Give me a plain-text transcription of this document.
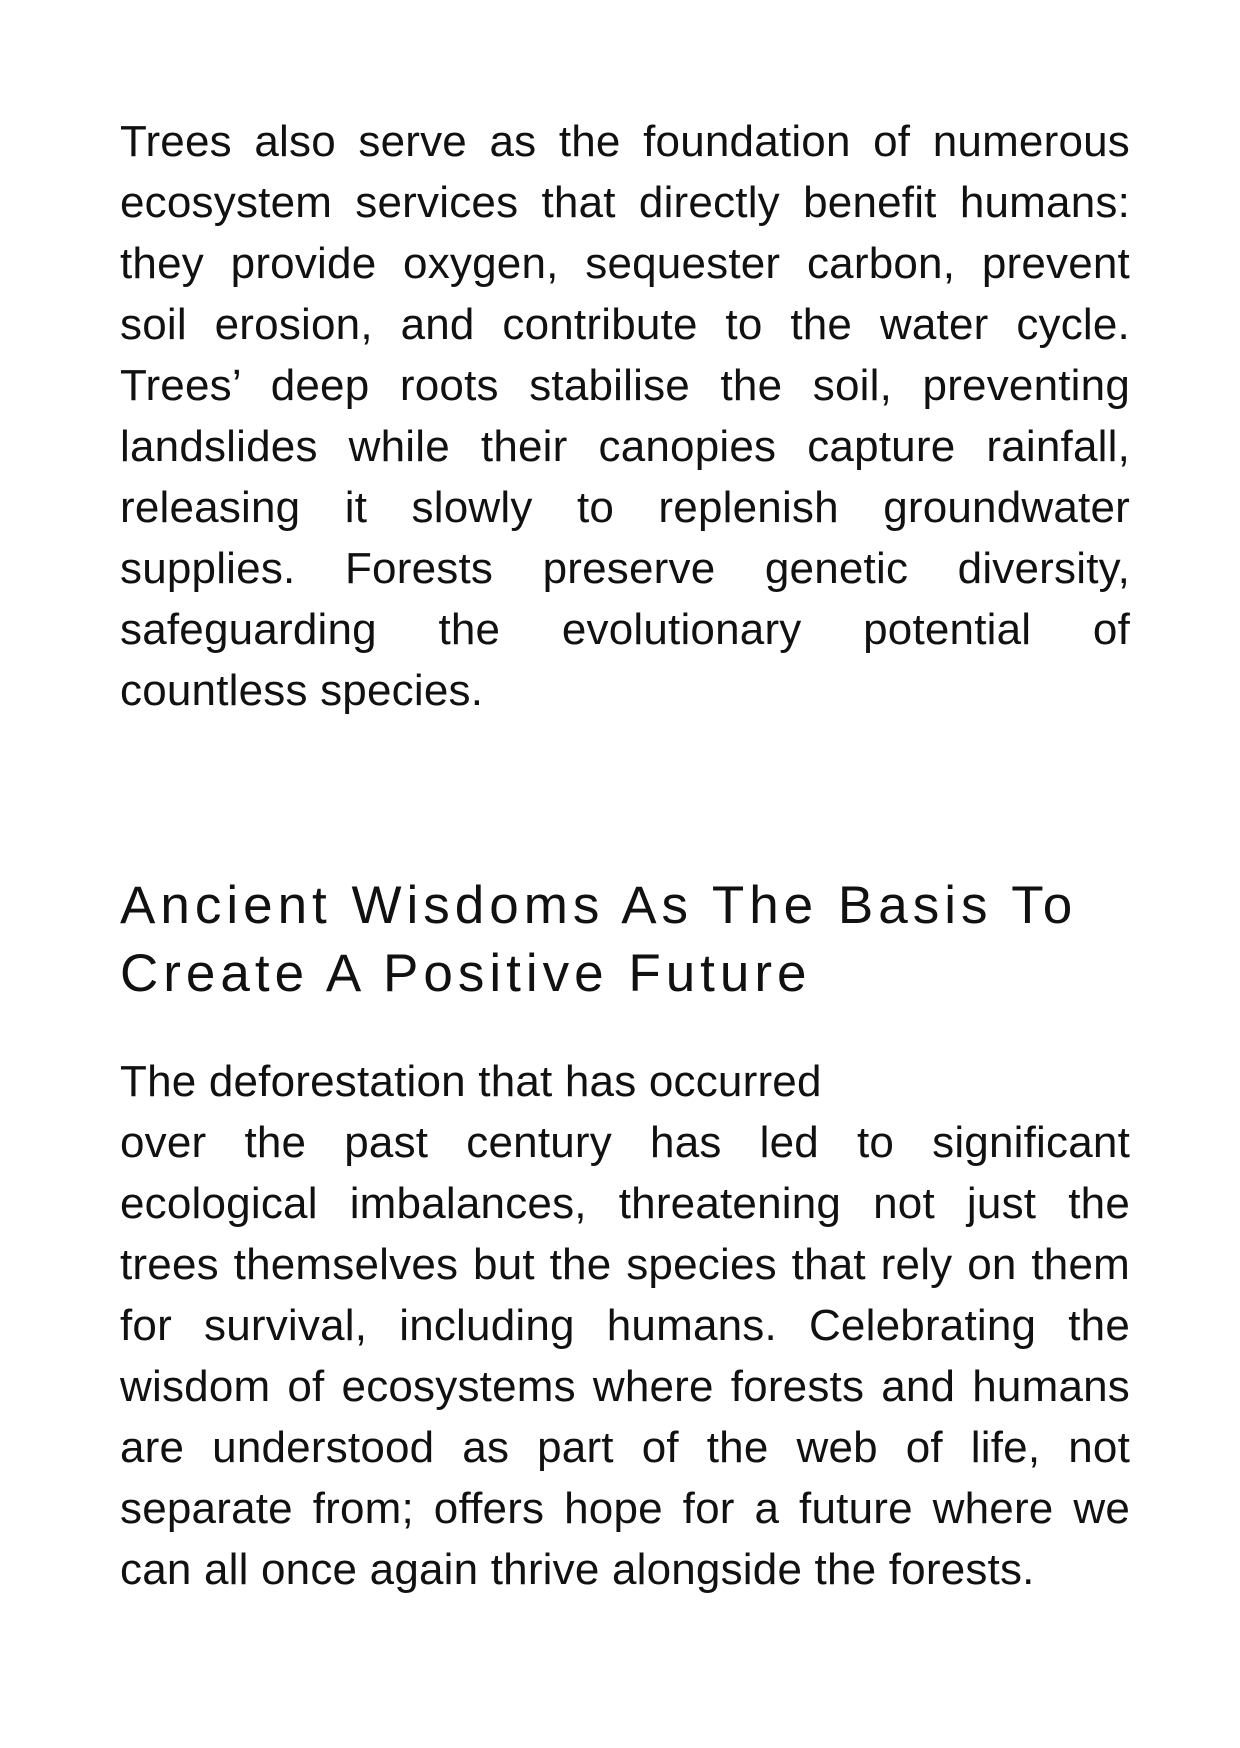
Trees also serve as the foundation of numerous ecosystem services that directly benefit humans: they provide oxygen, sequester carbon, prevent soil erosion, and contribute to the water cycle. Trees’ deep roots stabilise the soil, preventing landslides while their canopies capture rainfall, releasing it slowly to replenish groundwater supplies. Forests preserve genetic diversity, safeguarding the evolutionary potential of countless species.

Ancient Wisdoms As The Basis To Create A Positive Future

The deforestation that has occurred
over the past century has led to significant ecological imbalances, threatening not just the trees themselves but the species that rely on them for survival, including humans. Celebrating the wisdom of ecosystems where forests and humans are understood as part of the web of life, not separate from; offers hope for a future where we can all once again thrive alongside the forests.
